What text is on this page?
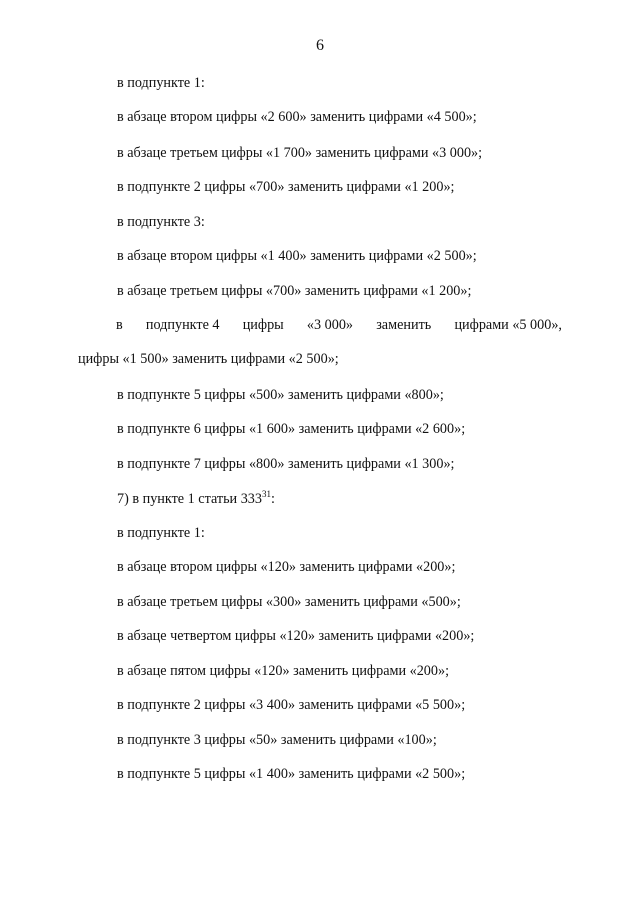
6
в подпункте 1:
в абзаце втором цифры «2 600» заменить цифрами «4 500»;
в абзаце третьем цифры «1 700» заменить цифрами «3 000»;
в подпункте 2 цифры «700» заменить цифрами «1 200»;
в подпункте 3:
в абзаце втором цифры «1 400» заменить цифрами «2 500»;
в абзаце третьем цифры «700» заменить цифрами «1 200»;
в подпункте 4 цифры «3 000» заменить цифрами «5 000»,
цифры «1 500» заменить цифрами «2 500»;
в подпункте 5 цифры «500» заменить цифрами «800»;
в подпункте 6 цифры «1 600» заменить цифрами «2 600»;
в подпункте 7 цифры «800» заменить цифрами «1 300»;
7) в пункте 1 статьи $333^{31}$:
в подпункте 1:
в абзаце втором цифры «120» заменить цифрами «200»;
в абзаце третьем цифры «300» заменить цифрами «500»;
в абзаце четвертом цифры «120» заменить цифрами «200»;
в абзаце пятом цифры «120» заменить цифрами «200»;
в подпункте 2 цифры «3 400» заменить цифрами «5 500»;
в подпункте 3 цифры «50» заменить цифрами «100»;
в подпункте 5 цифры «1 400» заменить цифрами «2 500»;
